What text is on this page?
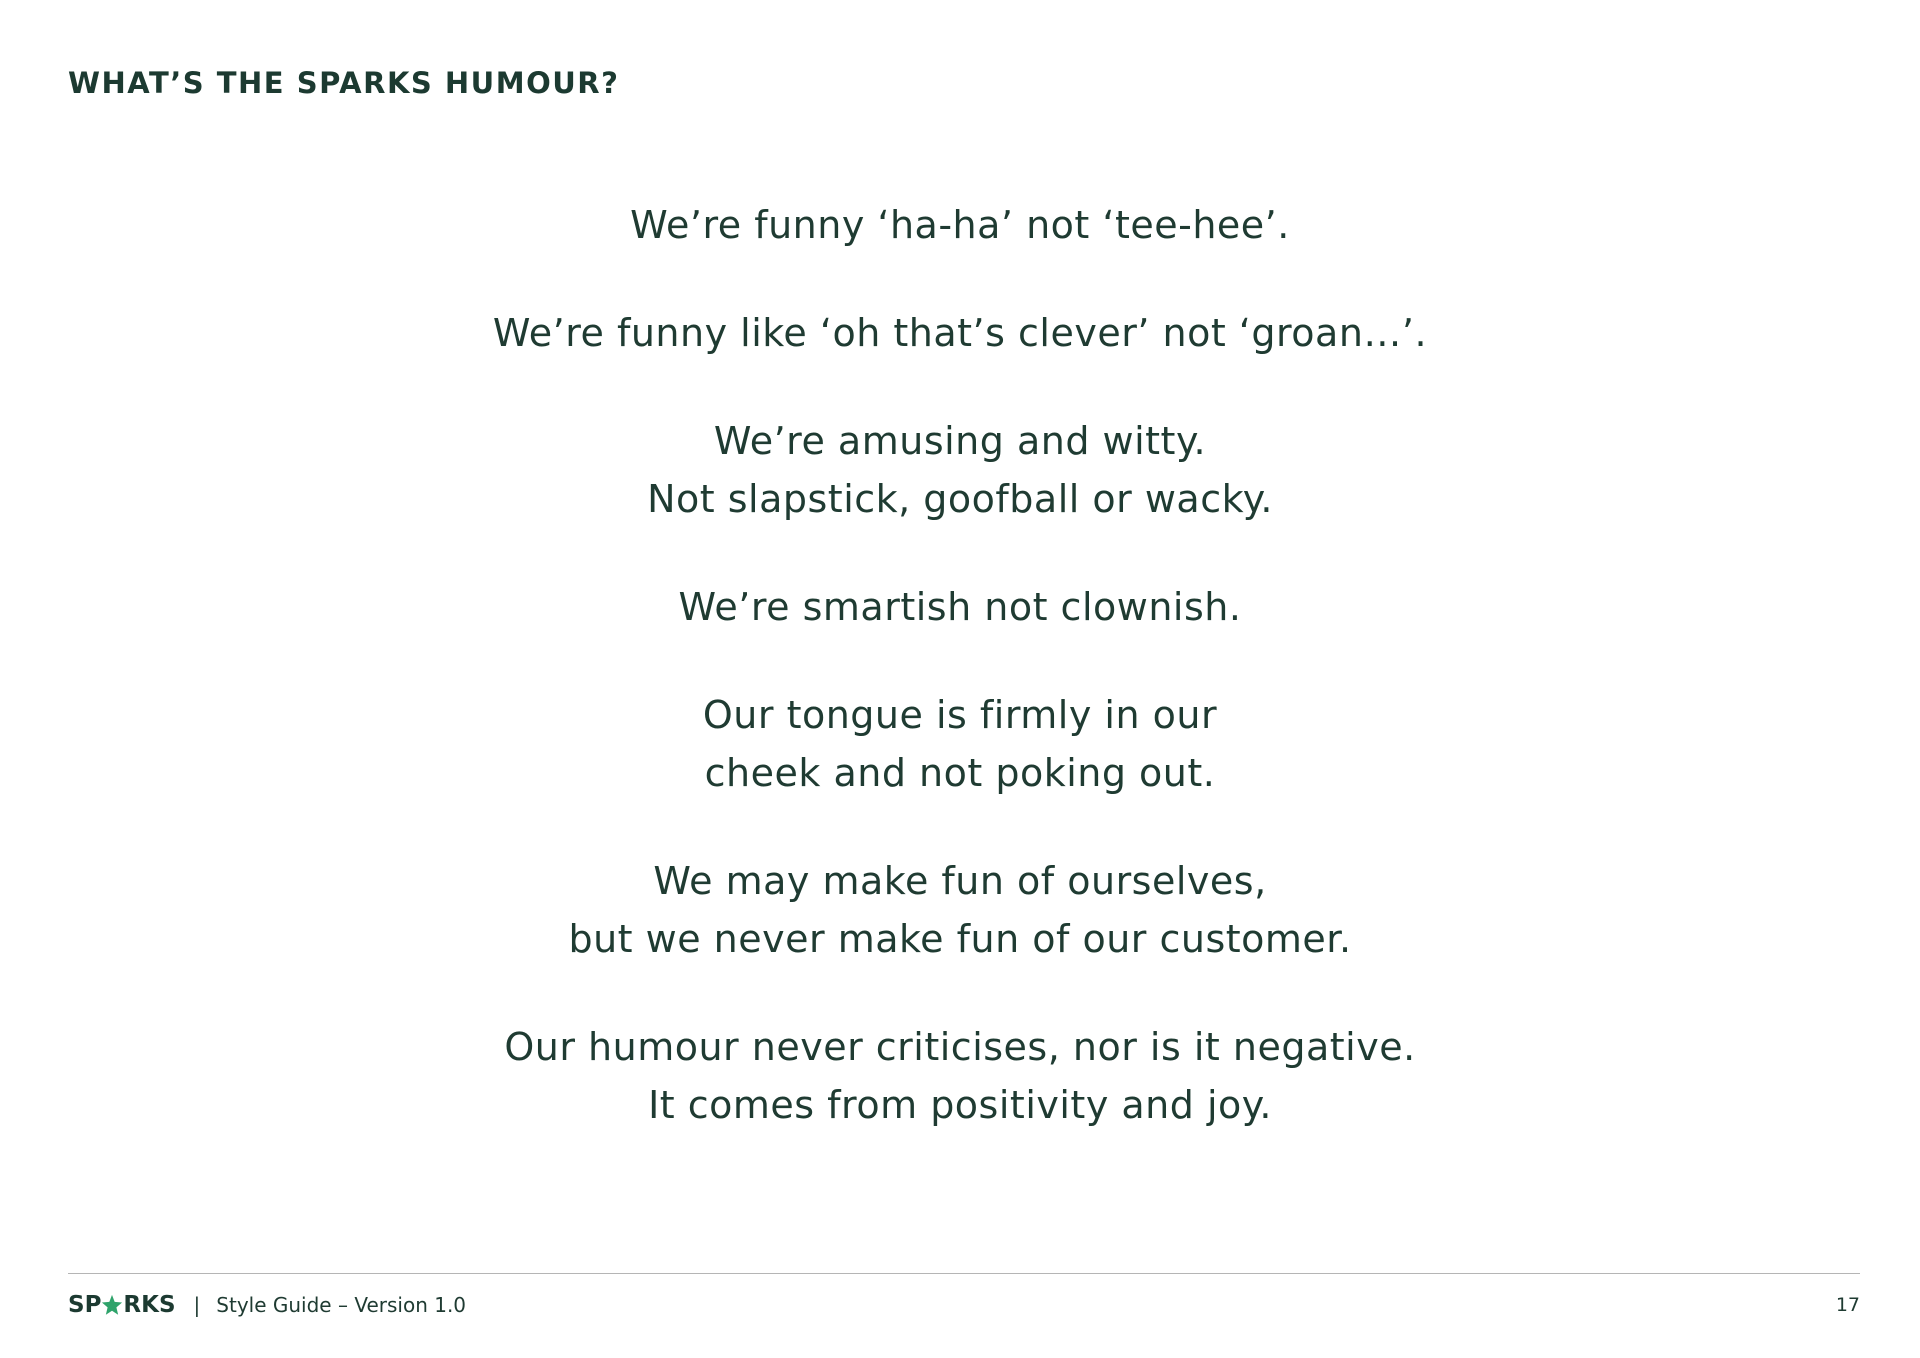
WHAT’S THE SPARKS HUMOUR?

We’re funny ‘ha-ha’ not ‘tee-hee’.

We’re funny like ‘oh that’s clever’ not ‘groan…’.

We’re amusing and witty.
Not slapstick, goofball or wacky.

We’re smartish not clownish.

Our tongue is firmly in our
cheek and not poking out.

We may make fun of ourselves,
but we never make fun of our customer.

Our humour never criticises, nor is it negative.
It comes from positivity and joy.

SP RKS | Style Guide – Version 1.0	17
